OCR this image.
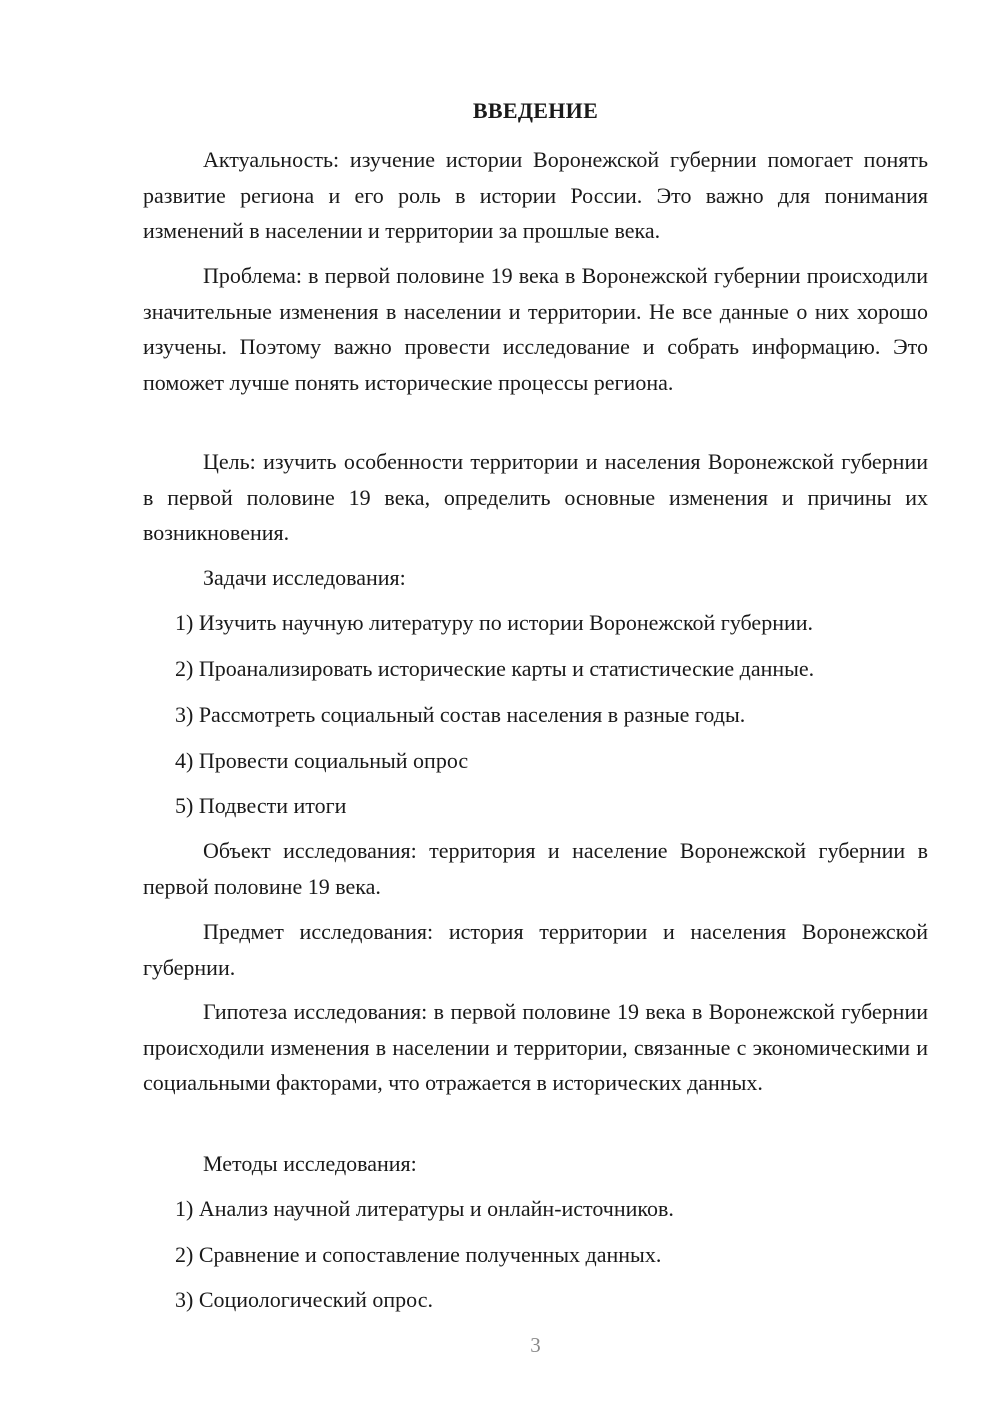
ВВЕДЕНИЕ

Актуальность: изучение истории Воронежской губернии помогает понять развитие региона и его роль в истории России. Это важно для понимания изменений в населении и территории за прошлые века.

Проблема: в первой половине 19 века в Воронежской губернии происходили значительные изменения в населении и территории. Не все данные о них хорошо изучены. Поэтому важно провести исследование и собрать информацию. Это поможет лучше понять исторические процессы региона.

Цель: изучить особенности территории и населения Воронежской губернии в первой половине 19 века, определить основные изменения и причины их возникновения.

Задачи исследования:

1) Изучить научную литературу по истории Воронежской губернии.

2) Проанализировать исторические карты и статистические данные.

3) Рассмотреть социальный состав населения в разные годы.

4) Провести социальный опрос

5) Подвести итоги

Объект исследования: территория и население Воронежской губернии в первой половине 19 века.

Предмет исследования: история территории и населения Воронежской губернии.

Гипотеза исследования: в первой половине 19 века в Воронежской губернии происходили изменения в населении и территории, связанные с экономическими и социальными факторами, что отражается в исторических данных.

Методы исследования:

1) Анализ научной литературы и онлайн-источников.

2) Сравнение и сопоставление полученных данных.

3) Социологический опрос.

3
